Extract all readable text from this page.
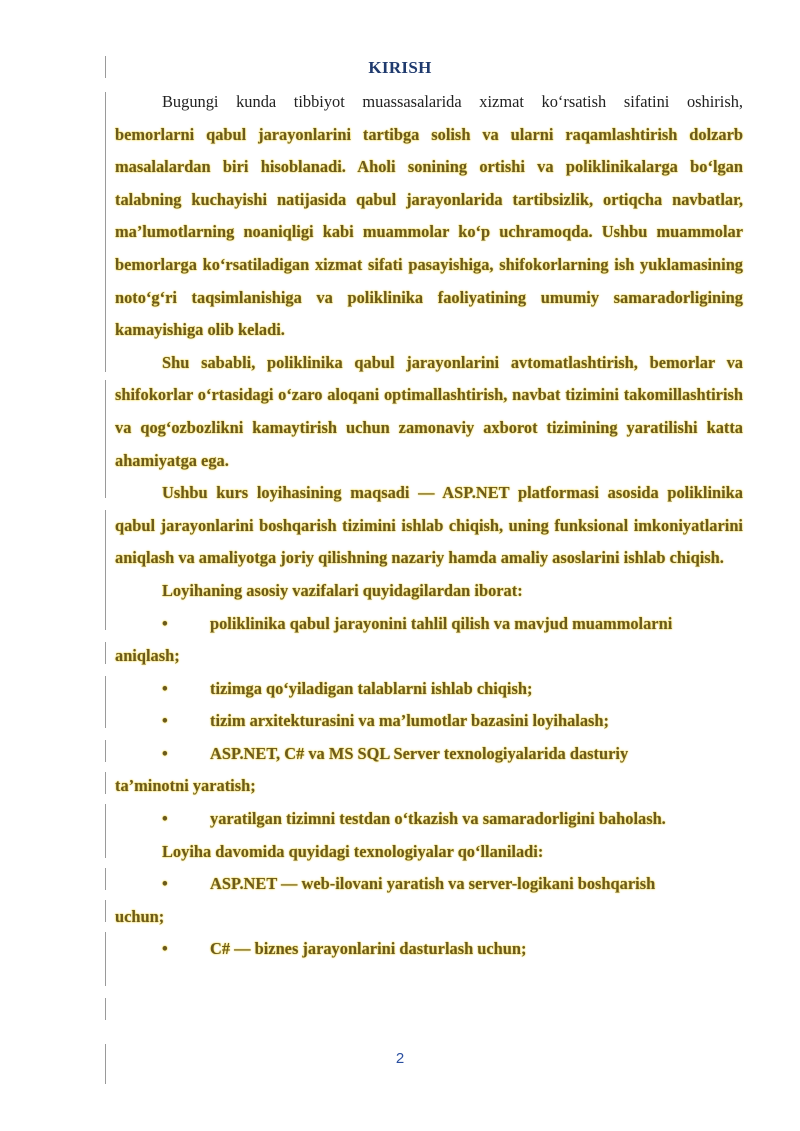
KIRISH

Bugungi kunda tibbiyot muassasalarida xizmat ko‘rsatish sifatini oshirish,
bemorlarni qabul jarayonlarini tartibga solish va ularni raqamlashtirish dolzarb masalalardan biri hisoblanadi. Aholi sonining ortishi va poliklinikalarga bo‘lgan talabning kuchayishi natijasida qabul jarayonlarida tartibsizlik, ortiqcha navbatlar, ma’lumotlarning noaniqligi kabi muammolar ko‘p uchramoqda. Ushbu muammolar bemorlarga ko‘rsatiladigan xizmat sifati pasayishiga, shifokorlarning ish yuklamasining noto‘g‘ri taqsimlanishiga va poliklinika faoliyatining umumiy samaradorligining kamayishiga olib keladi.

Shu sababli, poliklinika qabul jarayonlarini avtomatlashtirish, bemorlar va shifokorlar o‘rtasidagi o‘zaro aloqani optimallashtirish, navbat tizimini takomillashtirish va qog‘ozbozlikni kamaytirish uchun zamonaviy axborot tizimining yaratilishi katta ahamiyatga ega.

Ushbu kurs loyihasining maqsadi — ASP.NET platformasi asosida poliklinika qabul jarayonlarini boshqarish tizimini ishlab chiqish, uning funksional imkoniyatlarini aniqlash va amaliyotga joriy qilishning nazariy hamda amaliy asoslarini ishlab chiqish.

Loyihaning asosiy vazifalari quyidagilardan iborat:

•	poliklinika qabul jarayonini tahlil qilish va mavjud muammolarni
aniqlash;
•	tizimga qo‘yiladigan talablarni ishlab chiqish;
•	tizim arxitekturasini va ma’lumotlar bazasini loyihalash;
•	ASP.NET, C# va MS SQL Server texnologiyalarida dasturiy
ta’minotni yaratish;
•	yaratilgan tizimni testdan o‘tkazish va samaradorligini baholash.

Loyiha davomida quyidagi texnologiyalar qo‘llaniladi:

•	ASP.NET — web-ilovani yaratish va server-logikani boshqarish
uchun;
•	C# — biznes jarayonlarini dasturlash uchun;
2
